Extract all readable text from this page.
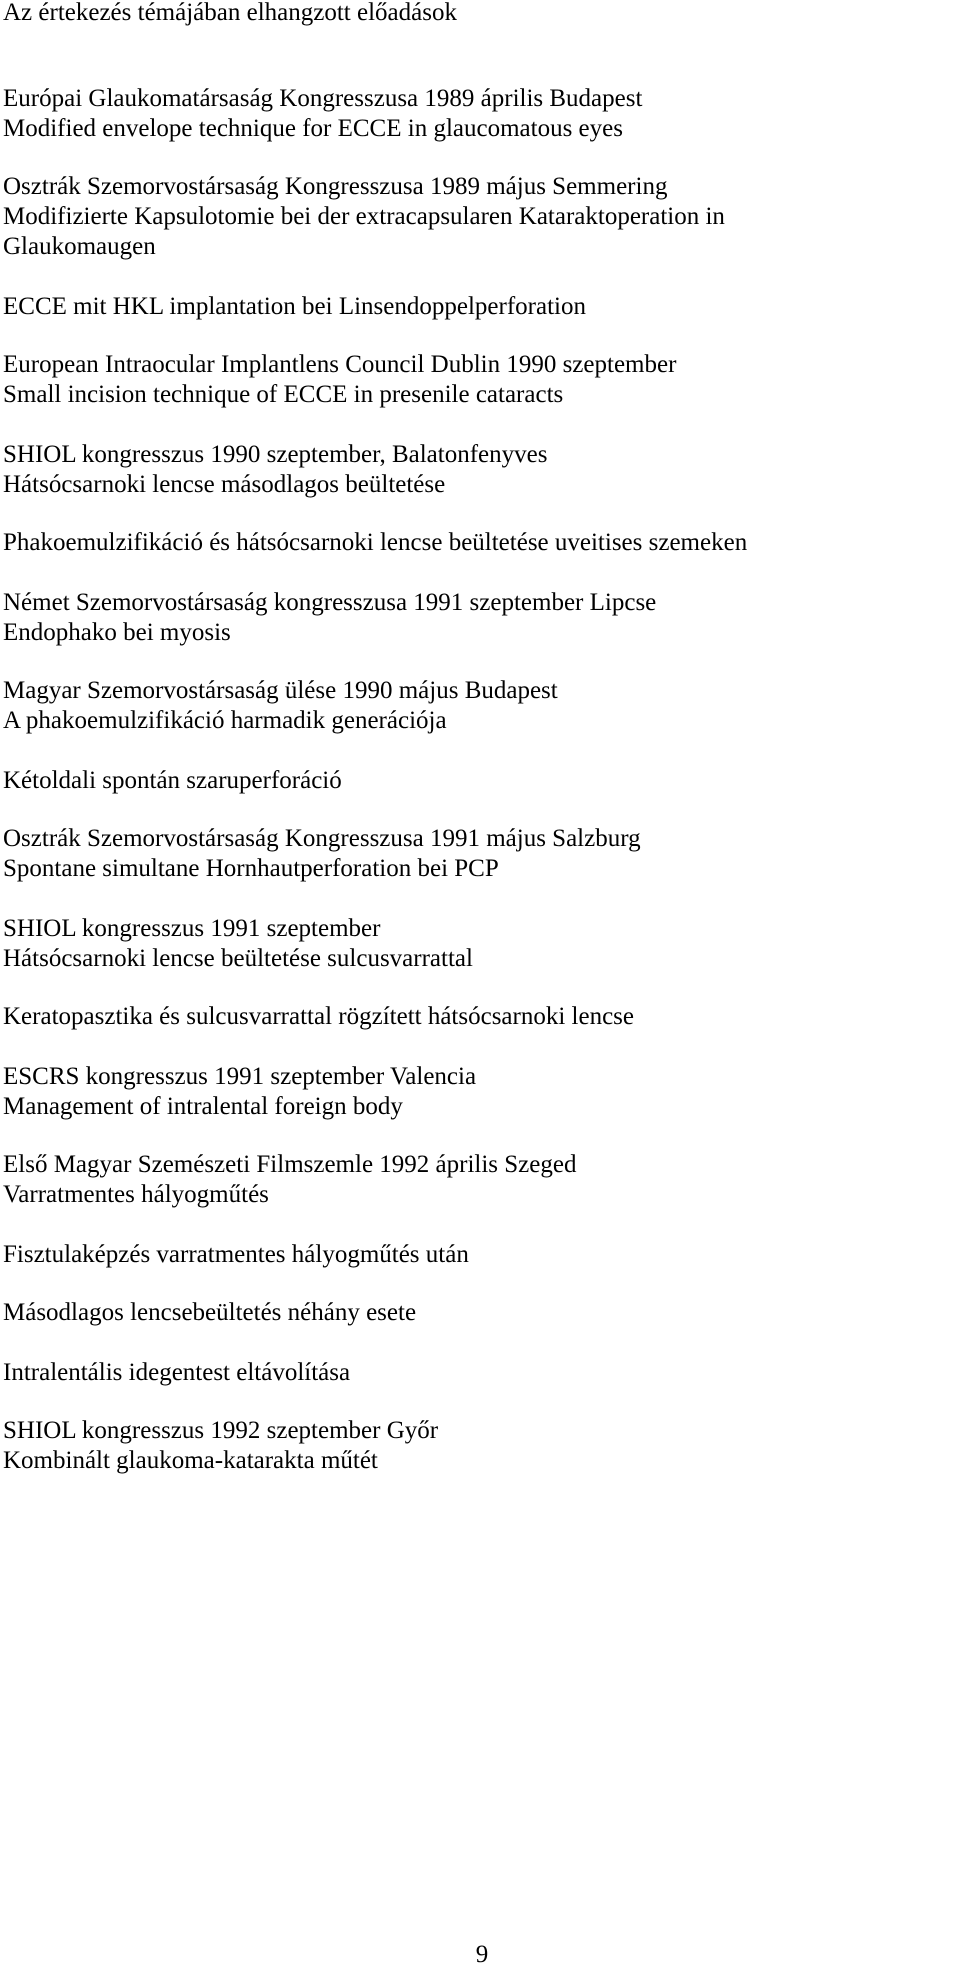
Az értekezés témájában elhangzott előadások
Európai Glaukomatársaság Kongresszusa 1989 április Budapest
Modified envelope technique for ECCE in glaucomatous eyes
Osztrák Szemorvostársaság Kongresszusa 1989 május Semmering
Modifizierte Kapsulotomie bei der extracapsularen Kataraktoperation in
Glaukomaugen
ECCE mit HKL implantation bei Linsendoppelperforation
European Intraocular Implantlens Council Dublin 1990 szeptember
Small incision technique of ECCE in presenile cataracts
SHIOL kongresszus 1990 szeptember, Balatonfenyves
Hátsócsarnoki lencse másodlagos beültetése
Phakoemulzifikáció és hátsócsarnoki lencse beültetése uveitises szemeken
Német Szemorvostársaság kongresszusa 1991 szeptember Lipcse
Endophako bei myosis
Magyar Szemorvostársaság ülése 1990 május Budapest
A phakoemulzifikáció harmadik generációja
Kétoldali spontán szaruperforáció
Osztrák Szemorvostársaság Kongresszusa 1991 május Salzburg
Spontane simultane Hornhautperforation bei PCP
SHIOL kongresszus 1991 szeptember
Hátsócsarnoki lencse beültetése sulcusvarrattal
Keratopasztika és sulcusvarrattal rögzített hátsócsarnoki lencse
ESCRS kongresszus 1991 szeptember Valencia
Management of intralental foreign body
Első Magyar Szemészeti Filmszemle 1992 április Szeged
Varratmentes hályogműtés
Fisztulaképzés varratmentes hályogműtés után
Másodlagos lencsebeültetés néhány esete
Intralentális idegentest eltávolítása
SHIOL kongresszus 1992 szeptember Győr
Kombinált glaukoma-katarakta műtét
9
